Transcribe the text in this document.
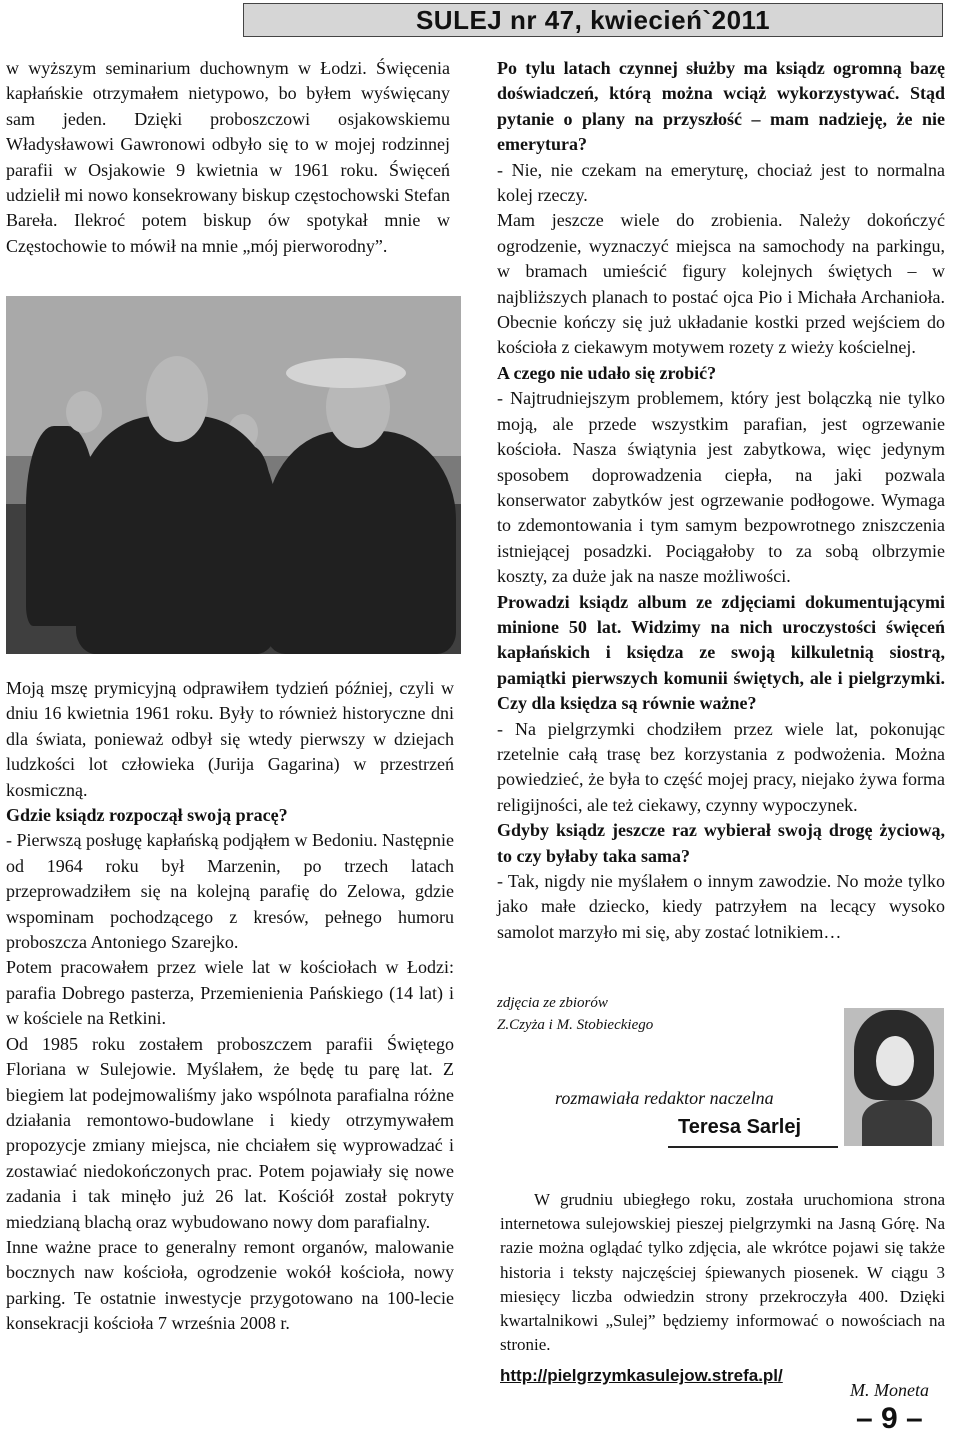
SULEJ nr 47, kwiecień`2011

w wyższym seminarium duchownym w Łodzi. Święcenia kapłańskie otrzymałem nietypowo, bo byłem wyświęcany sam jeden. Dzięki proboszczowi osjakowskiemu Władysławowi Gawronowi odbyło się to w mojej rodzinnej parafii w Osjakowie 9 kwietnia w 1961 roku. Święceń udzielił mi nowo konsekrowany biskup częstochowski Stefan Bareła. Ilekroć potem biskup ów spotykał mnie w Częstochowie to mówił na mnie „mój pierworodny”.

Moją mszę prymicyjną odprawiłem tydzień później, czyli w dniu 16 kwietnia 1961 roku. Były to również historyczne dni dla świata, ponieważ odbył się wtedy pierwszy w dziejach ludzkości lot człowieka (Jurija Gagarina) w przestrzeń kosmiczną.

Gdzie ksiądz rozpoczął swoją pracę?

- Pierwszą posługę kapłańską podjąłem w Bedoniu. Następnie od 1964 roku był Marzenin, po trzech latach przeprowadziłem się na kolejną parafię do Zelowa, gdzie wspominam pochodzącego z kresów, pełnego humoru proboszcza Antoniego Szarejko.

Potem pracowałem przez wiele lat w kościołach w Łodzi: parafia Dobrego pasterza, Przemienienia Pańskiego (14 lat) i w kościele na Retkini.

Od 1985 roku zostałem proboszczem parafii Świętego Floriana w Sulejowie. Myślałem, że będę tu parę lat. Z biegiem lat podejmowaliśmy jako wspólnota parafialna różne działania remontowo-budowlane i kiedy otrzymywałem propozycje zmiany miejsca, nie chciałem się wyprowadzać i zostawiać niedokończonych prac. Potem pojawiały się nowe zadania i tak minęło już 26 lat. Kościół został pokryty miedzianą blachą oraz wybudowano nowy dom parafialny.

Inne ważne prace to generalny remont organów, malowanie bocznych naw kościoła, ogrodzenie wokół kościoła, nowy parking. Te ostatnie inwestycje przygotowano na 100-lecie konsekracji kościoła 7 września 2008 r.

Po tylu latach czynnej służby ma ksiądz ogromną bazę doświadczeń, którą można wciąż wykorzystywać. Stąd pytanie o plany na przyszłość – mam nadzieję, że nie emerytura?

- Nie, nie czekam na emeryturę, chociaż jest to normalna kolej rzeczy.

Mam jeszcze wiele do zrobienia. Należy dokończyć ogrodzenie, wyznaczyć miejsca na samochody na parkingu, w bramach umieścić figury kolejnych świętych – w najbliższych planach to postać ojca Pio i Michała Archanioła. Obecnie kończy się już układanie kostki przed wejściem do kościoła z ciekawym motywem rozety z wieży kościelnej.

A czego nie udało się zrobić?

- Najtrudniejszym problemem, który jest bolączką nie tylko moją, ale przede wszystkim parafian, jest ogrzewanie kościoła. Nasza świątynia jest zabytkowa, więc jedynym sposobem doprowadzenia ciepła, na jaki pozwala konserwator zabytków jest ogrzewanie podłogowe. Wymaga to zdemontowania i tym samym bezpowrotnego zniszczenia istniejącej posadzki. Pociągałoby to za sobą olbrzymie koszty, za duże jak na nasze możliwości.

Prowadzi ksiądz album ze zdjęciami dokumentującymi minione 50 lat. Widzimy na nich uroczystości święceń kapłańskich i księdza ze swoją kilkuletnią siostrą, pamiątki pierwszych komunii świętych, ale i pielgrzymki. Czy dla księdza są równie ważne?

- Na pielgrzymki chodziłem przez wiele lat, pokonując rzetelnie całą trasę bez korzystania z podwożenia. Można powiedzieć, że była to część mojej pracy, niejako żywa forma religijności, ale też ciekawy, czynny wypoczynek.

Gdyby ksiądz jeszcze raz wybierał swoją drogę życiową, to czy byłaby taka sama?

- Tak, nigdy nie myślałem o innym zawodzie. No może tylko jako małe dziecko, kiedy patrzyłem na lecący wysoko samolot marzyło mi się, aby zostać lotnikiem…

zdjęcia ze zbiorów
Z.Czyża i M. Stobieckiego
rozmawiała redaktor naczelna
Teresa Sarlej
W grudniu ubiegłego roku, została uruchomiona strona internetowa sulejowskiej pieszej pielgrzymki na Jasną Górę. Na razie można oglądać tylko zdjęcia, ale wkrótce pojawi się także historia i teksty najczęściej śpiewanych piosenek. W ciągu 3 miesięcy liczba odwiedzin strony przekroczyła 400. Dzięki kwartalnikowi „Sulej” będziemy informować o nowościach na stronie.
http://pielgrzymkasulejow.strefa.pl/
M. Moneta
– 9 –
